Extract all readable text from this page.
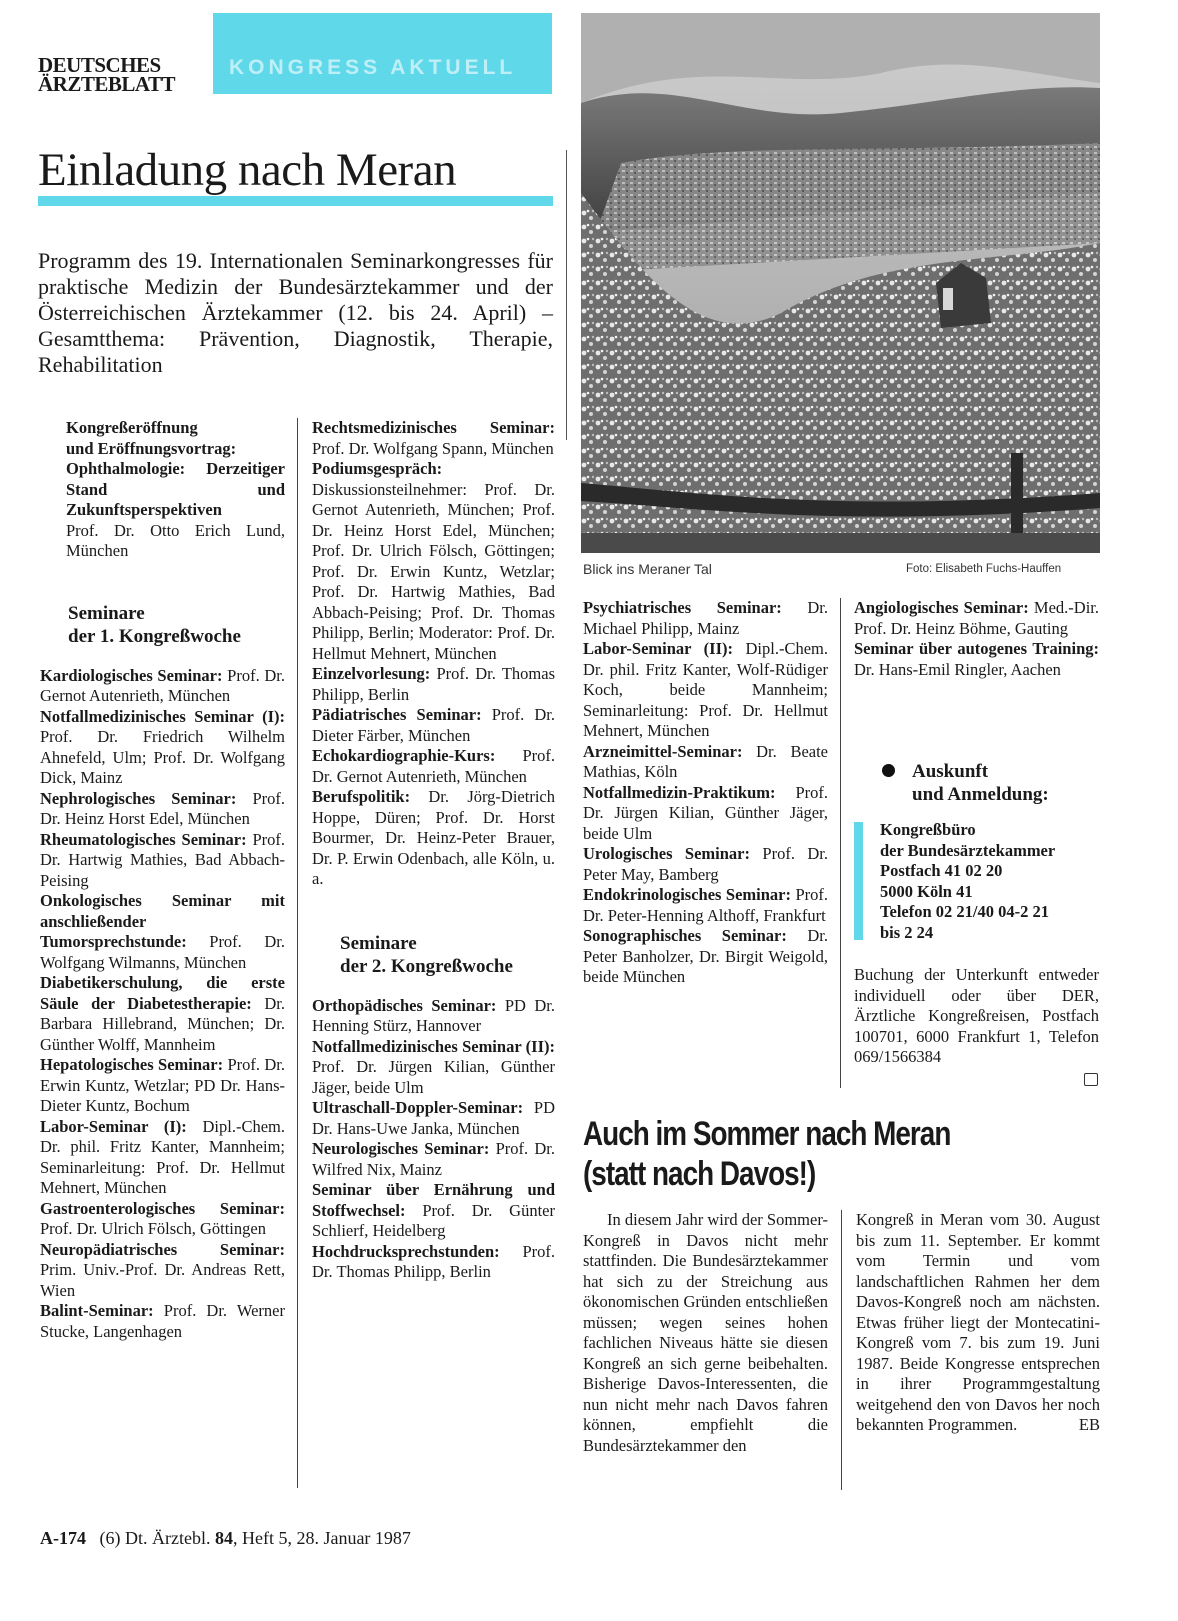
DEUTSCHES
ÄRZTEBLATT
KONGRESS AKTUELL
Einladung nach Meran
Programm des 19. Internationalen Seminarkongresses für praktische Medizin der Bundesärztekammer und der Österreichischen Ärztekammer (12. bis 24. April) – Gesamtthema: Prävention, Diagnostik, Therapie, Rehabilitation
Kongreßeröffnung
und Eröffnungsvortrag:
Ophthalmologie: Derzeitiger Stand und Zukunftsperspektiven
Prof. Dr. Otto Erich Lund, München
Seminare
der 1. Kongreßwoche
Kardiologisches Seminar: Prof. Dr. Gernot Autenrieth, München
Notfallmedizinisches Seminar (I): Prof. Dr. Friedrich Wilhelm Ahnefeld, Ulm; Prof. Dr. Wolfgang Dick, Mainz
Nephrologisches Seminar: Prof. Dr. Heinz Horst Edel, München
Rheumatologisches Seminar: Prof. Dr. Hartwig Mathies, Bad Abbach-Peising
Onkologisches Seminar mit anschließender Tumorsprechstunde: Prof. Dr. Wolfgang Wilmanns, München
Diabetikerschulung, die erste Säule der Diabetestherapie: Dr. Barbara Hillebrand, München; Dr. Günther Wolff, Mannheim
Hepatologisches Seminar: Prof. Dr. Erwin Kuntz, Wetzlar; PD Dr. Hans-Dieter Kuntz, Bochum
Labor-Seminar (I): Dipl.-Chem. Dr. phil. Fritz Kanter, Mannheim; Seminarleitung: Prof. Dr. Hellmut Mehnert, München
Gastroenterologisches Seminar: Prof. Dr. Ulrich Fölsch, Göttingen
Neuropädiatrisches Seminar: Prim. Univ.-Prof. Dr. Andreas Rett, Wien
Balint-Seminar: Prof. Dr. Werner Stucke, Langenhagen
Rechtsmedizinisches Seminar: Prof. Dr. Wolfgang Spann, München
Podiumsgespräch: Diskussionsteilnehmer: Prof. Dr. Gernot Autenrieth, München; Prof. Dr. Heinz Horst Edel, München; Prof. Dr. Ulrich Fölsch, Göttingen; Prof. Dr. Erwin Kuntz, Wetzlar; Prof. Dr. Hartwig Mathies, Bad Abbach-Peising; Prof. Dr. Thomas Philipp, Berlin; Moderator: Prof. Dr. Hellmut Mehnert, München
Einzelvorlesung: Prof. Dr. Thomas Philipp, Berlin
Pädiatrisches Seminar: Prof. Dr. Dieter Färber, München
Echokardiographie-Kurs: Prof. Dr. Gernot Autenrieth, München
Berufspolitik: Dr. Jörg-Dietrich Hoppe, Düren; Prof. Dr. Horst Bourmer, Dr. Heinz-Peter Brauer, Dr. P. Erwin Odenbach, alle Köln, u. a.
Seminare
der 2. Kongreßwoche
Orthopädisches Seminar: PD Dr. Henning Stürz, Hannover
Notfallmedizinisches Seminar (II): Prof. Dr. Jürgen Kilian, Günther Jäger, beide Ulm
Ultraschall-Doppler-Seminar: PD Dr. Hans-Uwe Janka, München
Neurologisches Seminar: Prof. Dr. Wilfred Nix, Mainz
Seminar über Ernährung und Stoffwechsel: Prof. Dr. Günter Schlierf, Heidelberg
Hochdrucksprechstunden: Prof. Dr. Thomas Philipp, Berlin
Blick ins Meraner Tal	Foto: Elisabeth Fuchs-Hauffen
Psychiatrisches Seminar: Dr. Michael Philipp, Mainz
Labor-Seminar (II): Dipl.-Chem. Dr. phil. Fritz Kanter, Wolf-Rüdiger Koch, beide Mannheim; Seminarleitung: Prof. Dr. Hellmut Mehnert, München
Arzneimittel-Seminar: Dr. Beate Mathias, Köln
Notfallmedizin-Praktikum: Prof. Dr. Jürgen Kilian, Günther Jäger, beide Ulm
Urologisches Seminar: Prof. Dr. Peter May, Bamberg
Endokrinologisches Seminar: Prof. Dr. Peter-Henning Althoff, Frankfurt
Sonographisches Seminar: Dr. Peter Banholzer, Dr. Birgit Weigold, beide München
Angiologisches Seminar: Med.-Dir. Prof. Dr. Heinz Böhme, Gauting
Seminar über autogenes Training: Dr. Hans-Emil Ringler, Aachen
Auskunft
und Anmeldung:
Kongreßbüro
der Bundesärztekammer
Postfach 41 02 20
5000 Köln 41
Telefon 02 21/40 04-2 21
bis 2 24
Buchung der Unterkunft entweder individuell oder über DER, Ärztliche Kongreßreisen, Postfach 100701, 6000 Frankfurt 1, Telefon 069/1566384
Auch im Sommer nach Meran
(statt nach Davos!)
In diesem Jahr wird der Sommer-Kongreß in Davos nicht mehr stattfinden. Die Bundesärztekammer hat sich zu der Streichung aus ökonomischen Gründen entschließen müssen; wegen seines hohen fachlichen Niveaus hätte sie diesen Kongreß an sich gerne beibehalten. Bisherige Davos-Interessenten, die nun nicht mehr nach Davos fahren können, empfiehlt die Bundesärztekammer den
Kongreß in Meran vom 30. August bis zum 11. September. Er kommt vom Termin und vom landschaftlichen Rahmen her dem Davos-Kongreß noch am nächsten. Etwas früher liegt der Montecatini-Kongreß vom 7. bis zum 19. Juni 1987. Beide Kongresse entsprechen in ihrer Programmgestaltung weitgehend den von Davos her noch bekannten Programmen.	EB
A-174 (6) Dt. Ärztebl. 84, Heft 5, 28. Januar 1987
